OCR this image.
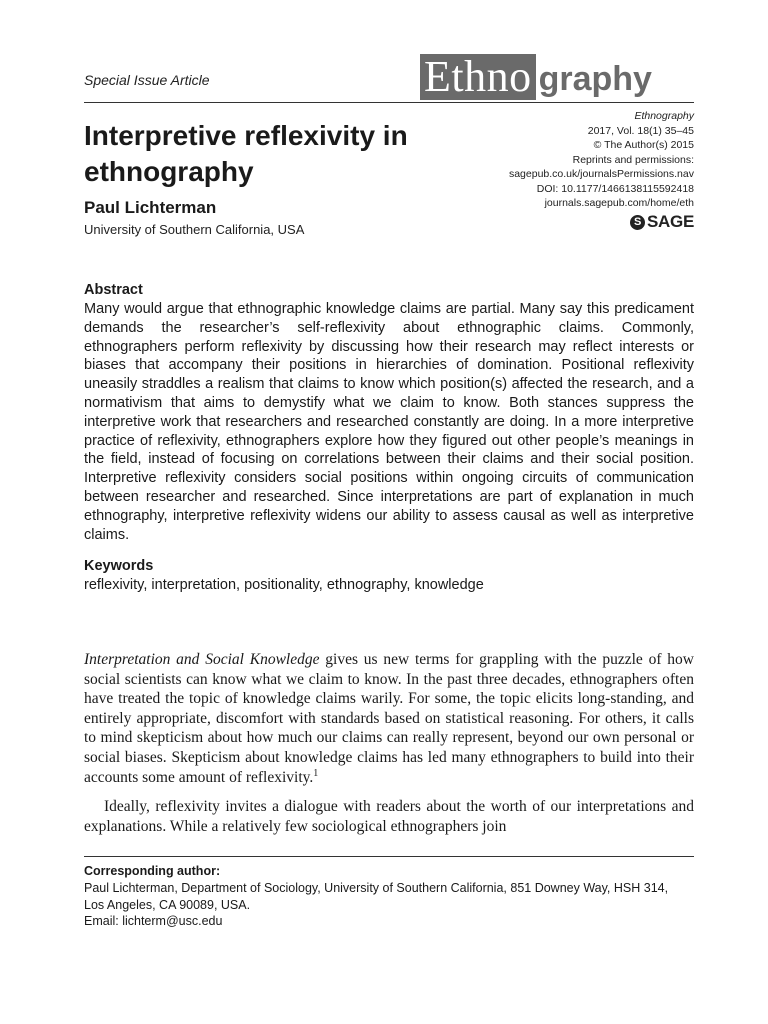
Special Issue Article	Ethno graphy
Interpretive reflexivity in ethnography
Paul Lichterman
University of Southern California, USA
Ethnography
2017, Vol. 18(1) 35–45
© The Author(s) 2015
Reprints and permissions:
sagepub.co.uk/journalsPermissions.nav
DOI: 10.1177/1466138115592418
journals.sagepub.com/home/eth
S SAGE
Abstract

Many would argue that ethnographic knowledge claims are partial. Many say this predicament demands the researcher’s self-reflexivity about ethnographic claims. Commonly, ethnographers perform reflexivity by discussing how their research may reflect interests or biases that accompany their positions in hierarchies of domination. Positional reflexivity uneasily straddles a realism that claims to know which position(s) affected the research, and a normativism that aims to demystify what we claim to know. Both stances suppress the interpretive work that researchers and researched constantly are doing. In a more interpretive practice of reflexivity, ethnographers explore how they figured out other people’s meanings in the field, instead of focusing on correlations between their claims and their social position. Interpretive reflexivity considers social positions within ongoing circuits of communication between researcher and researched. Since interpretations are part of explanation in much ethnography, interpretive reflexivity widens our ability to assess causal as well as interpretive claims.

Keywords
reflexivity, interpretation, positionality, ethnography, knowledge

Interpretation and Social Knowledge gives us new terms for grappling with the puzzle of how social scientists can know what we claim to know. In the past three decades, ethnographers often have treated the topic of knowledge claims warily. For some, the topic elicits long-standing, and entirely appropriate, discomfort with standards based on statistical reasoning. For others, it calls to mind skepticism about how much our claims can really represent, beyond our own personal or social biases. Skepticism about knowledge claims has led many ethnographers to build into their accounts some amount of reflexivity.$^1$

Ideally, reflexivity invites a dialogue with readers about the worth of our interpretations and explanations. While a relatively few sociological ethnographers join

Corresponding author:
Paul Lichterman, Department of Sociology, University of Southern California, 851 Downey Way, HSH 314,
Los Angeles, CA 90089, USA.
Email: lichterm@usc.edu
